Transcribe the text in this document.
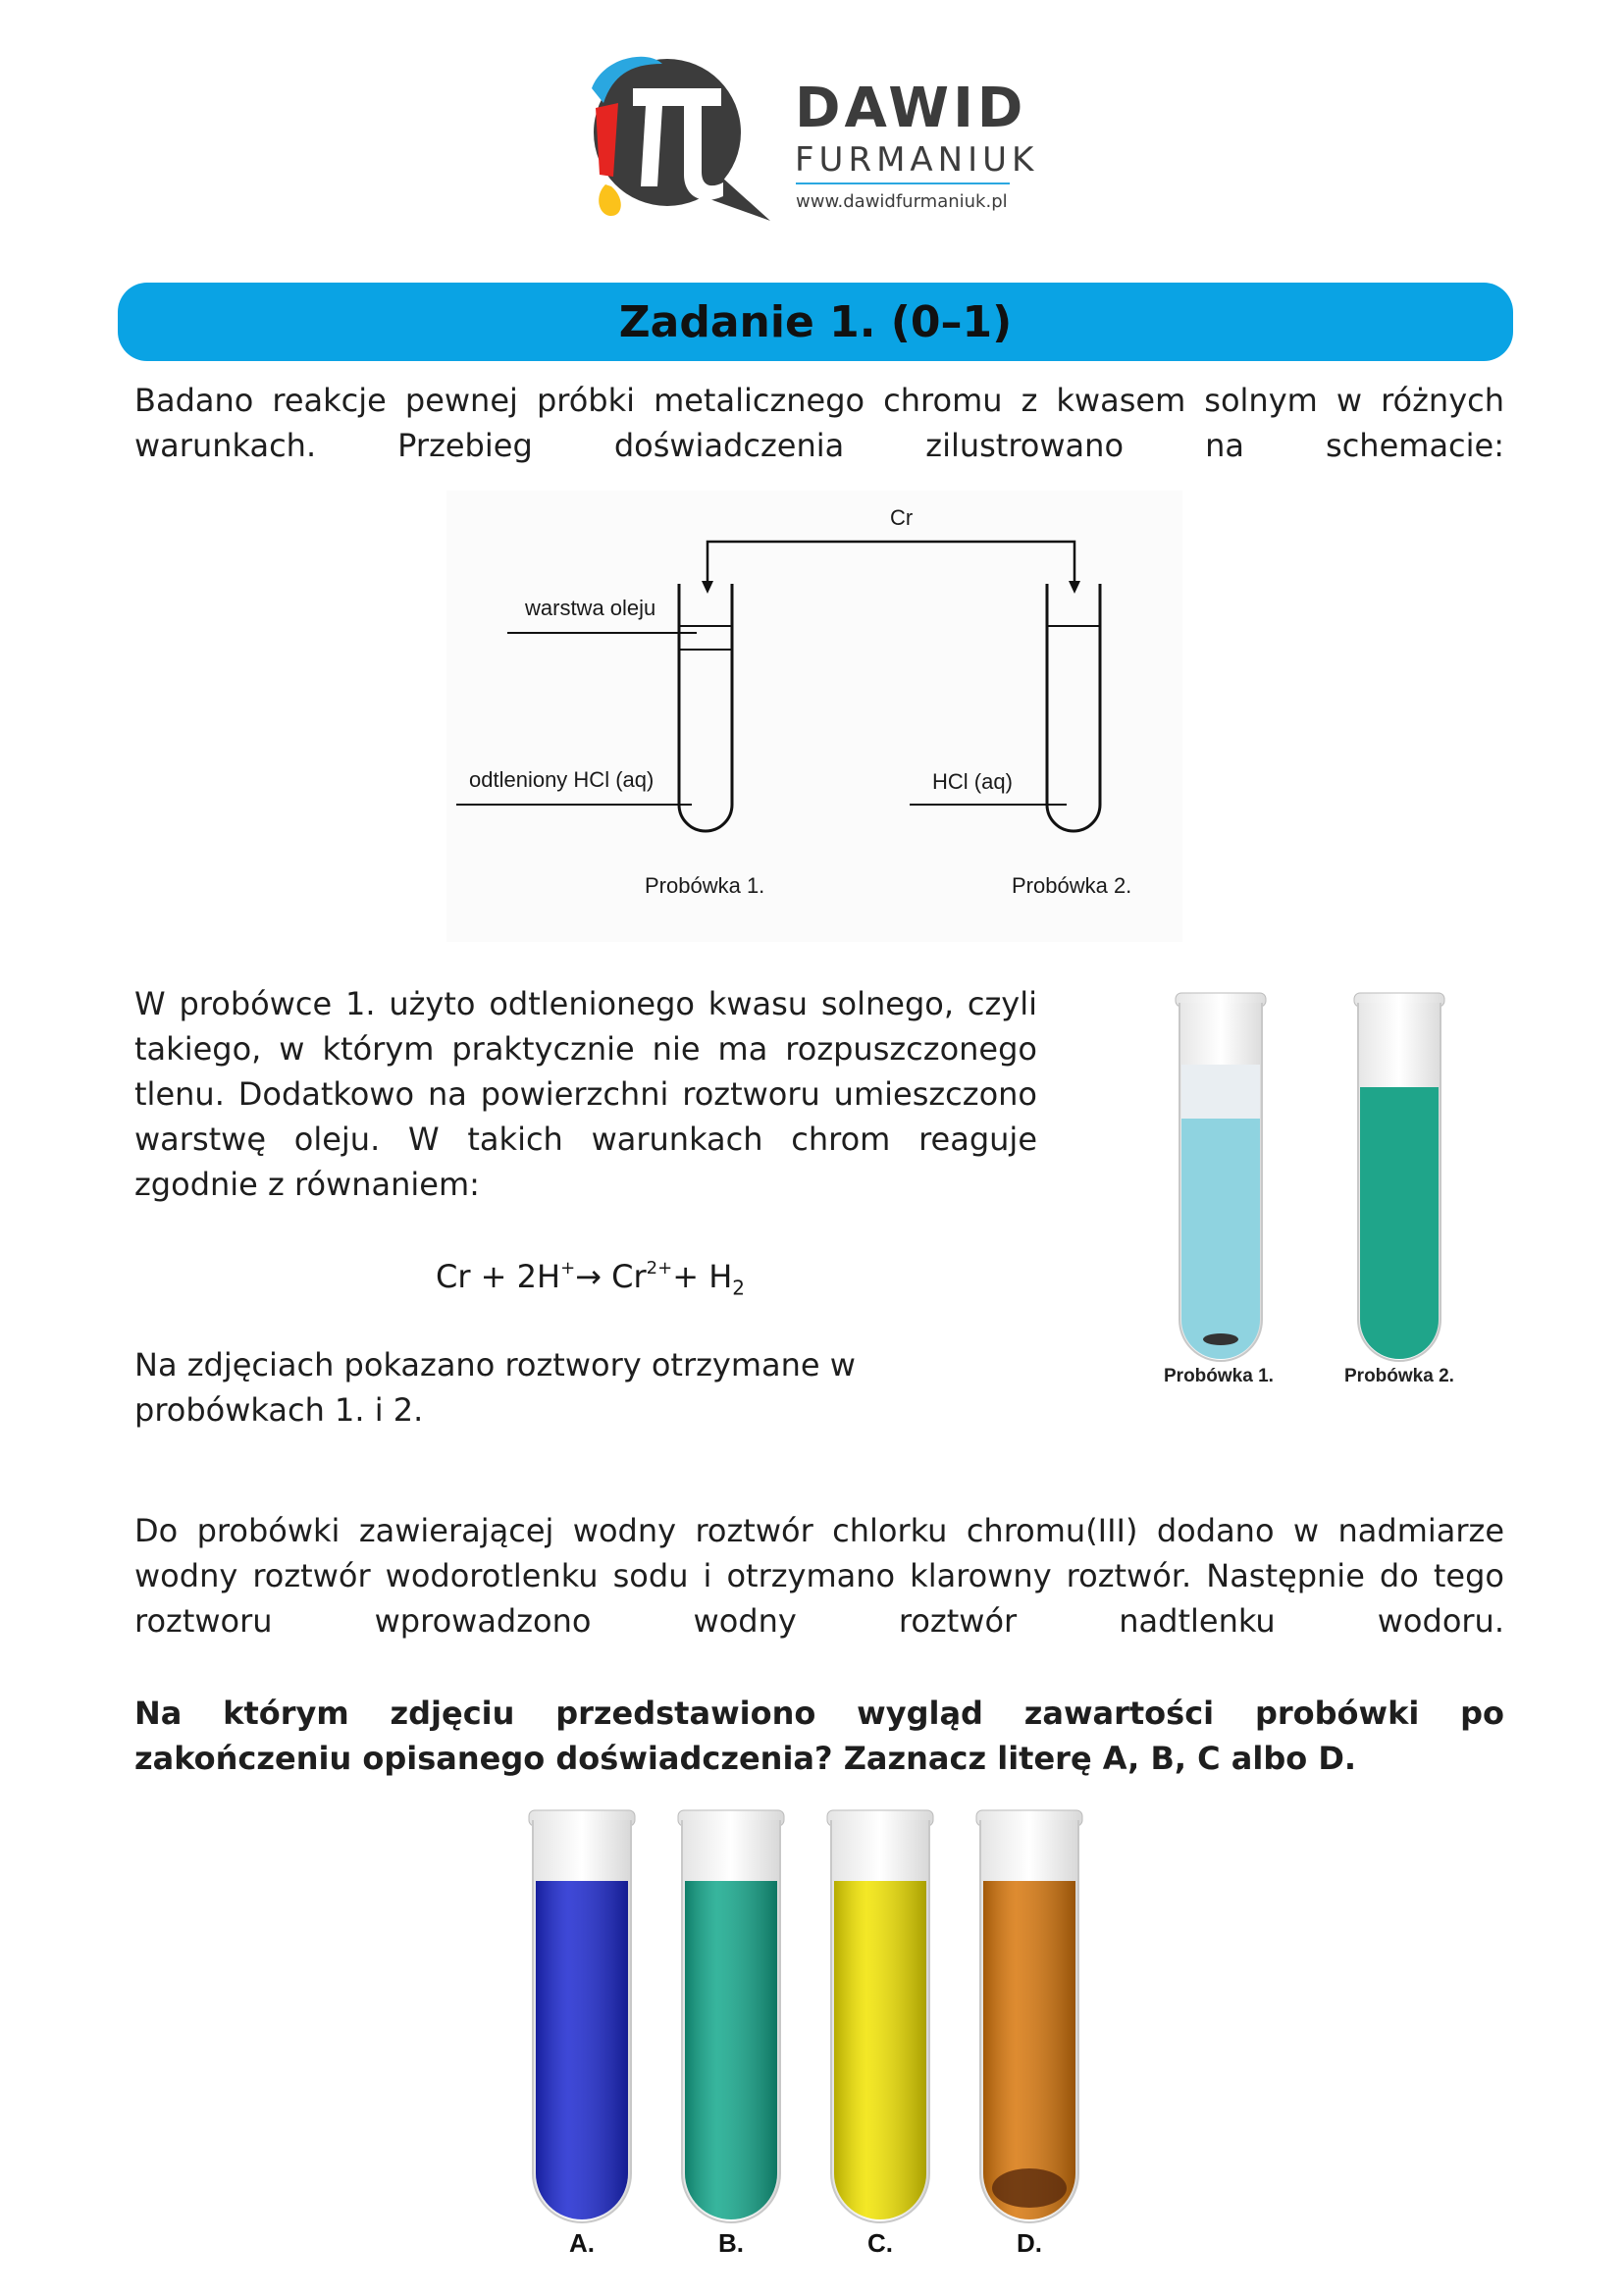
DAWID
FURMANIUK
www.dawidfurmaniuk.pl
Zadanie 1. (0–1)
Badano reakcje pewnej próbki metalicznego chromu z kwasem solnym w różnych warunkach. Przebieg doświadczenia zilustrowano na schemacie:
Cr
warstwa oleju
odtleniony HCl (aq)
Probówka 1.
HCl (aq)
Probówka 2.
W probówce 1. użyto odtlenionego kwasu solnego, czyli takiego, w którym praktycznie nie ma rozpuszczonego tlenu. Dodatkowo na powierzchni roztworu umieszczono warstwę oleju. W takich warunkach chrom reaguje zgodnie z równaniem:
$Cr + 2H^+\to Cr^{2+}+ H_2$
Na zdjęciach pokazano roztwory otrzymane w probówkach 1. i 2.
Probówka 1.	Probówka 2.
Do probówki zawierającej wodny roztwór chlorku chromu(III) dodano w nadmiarze wodny roztwór wodorotlenku sodu i otrzymano klarowny roztwór. Następnie do tego roztworu wprowadzono wodny roztwór nadtlenku wodoru.
Na którym zdjęciu przedstawiono wygląd zawartości probówki po zakończeniu opisanego doświadczenia? Zaznacz literę A, B, C albo D.
A.	B.	C.	D.
